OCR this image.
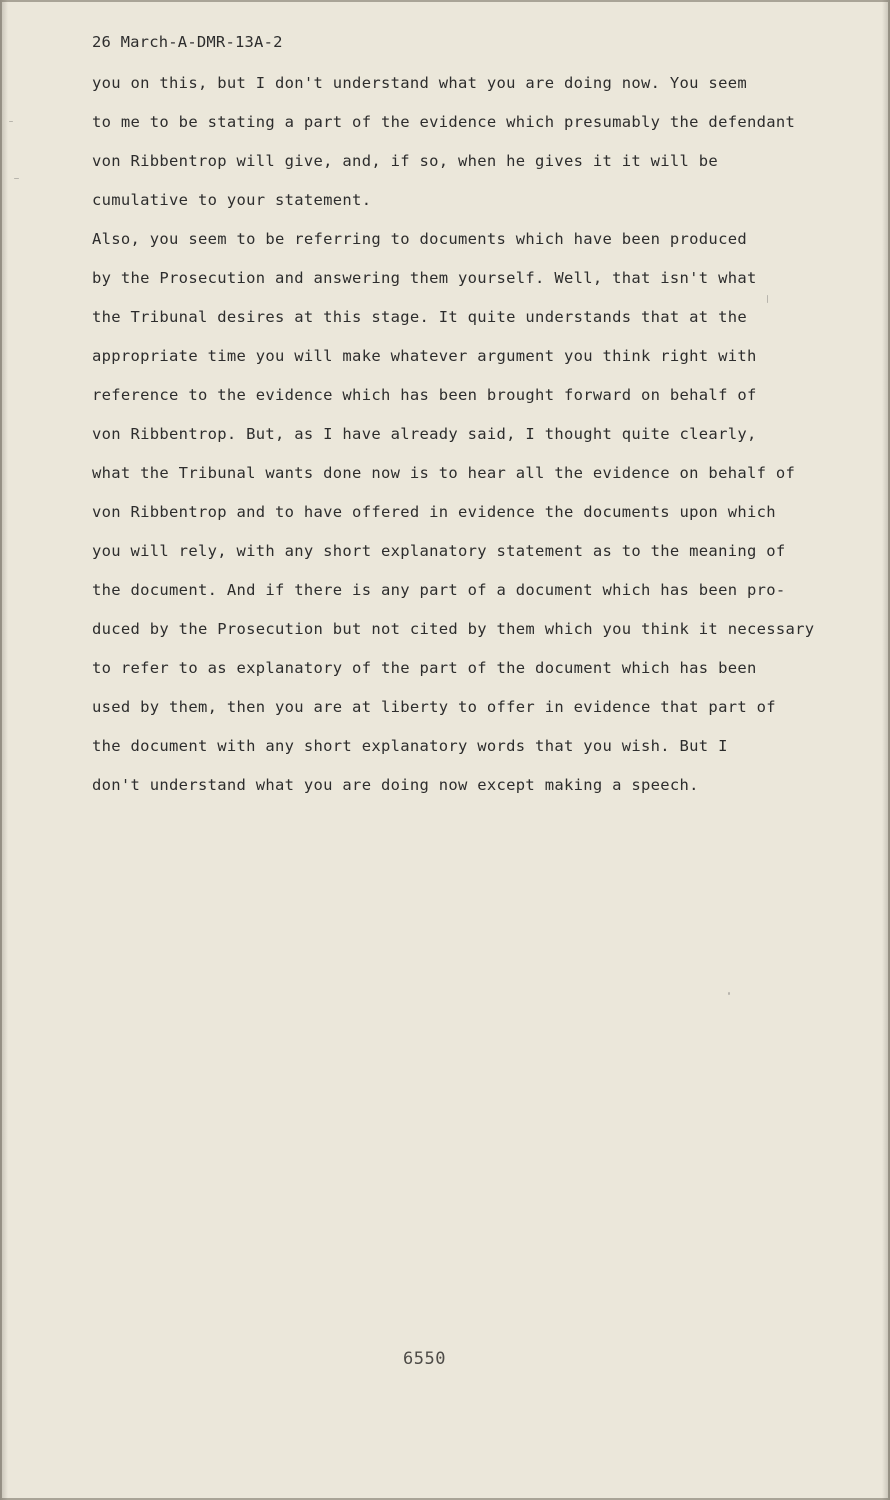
26 March-A-DMR-13A-2
you on this, but I don't understand what you are doing now. You seem
to me to be stating a part of the evidence which presumably the defendant
von Ribbentrop will give, and, if so, when he gives it it will be
cumulative to your statement.
Also, you seem to be referring to documents which have been produced
by the Prosecution and answering them yourself. Well, that isn't what
the Tribunal desires at this stage. It quite understands that at the
appropriate time you will make whatever argument you think right with
reference to the evidence which has been brought forward on behalf of
von Ribbentrop. But, as I have already said, I thought quite clearly,
what the Tribunal wants done now is to hear all the evidence on behalf of
von Ribbentrop and to have offered in evidence the documents upon which
you will rely, with any short explanatory statement as to the meaning of
the document. And if there is any part of a document which has been pro-
duced by the Prosecution but not cited by them which you think it necessary
to refer to as explanatory of the part of the document which has been
used by them, then you are at liberty to offer in evidence that part of
the document with any short explanatory words that you wish. But I
don't understand what you are doing now except making a speech.
6550
